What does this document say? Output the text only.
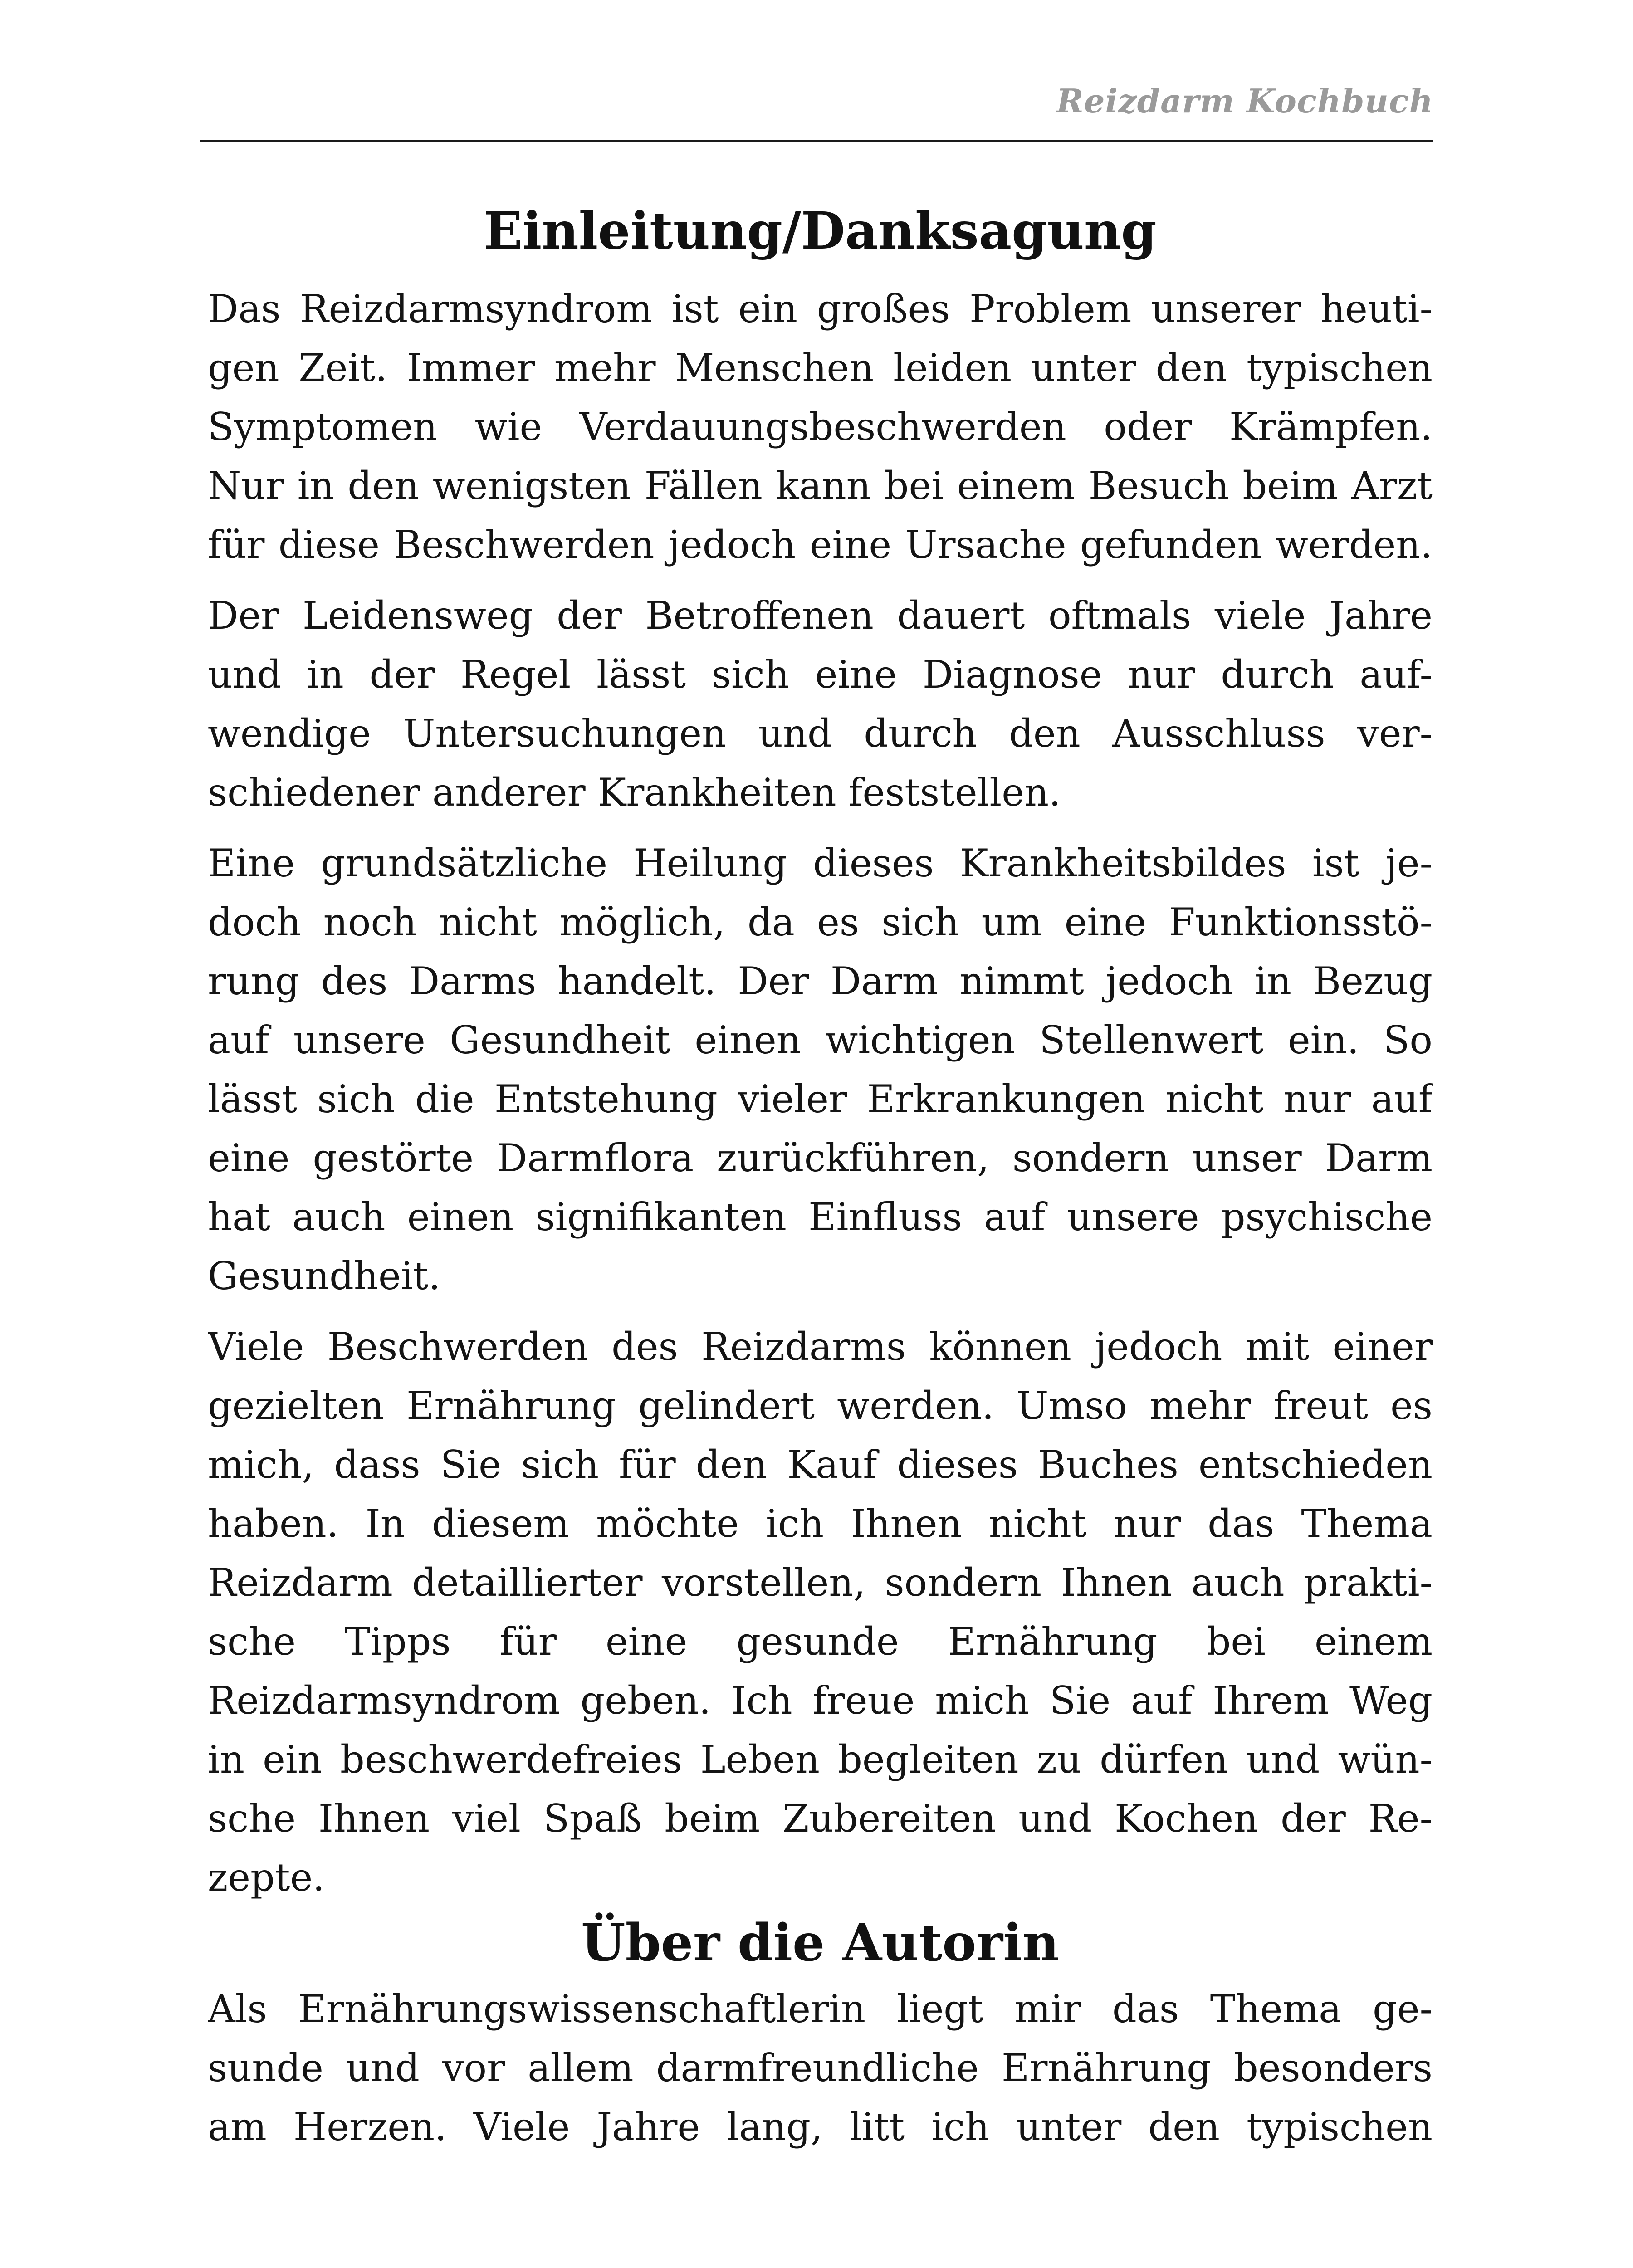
Reizdarm Kochbuch
Einleitung/Danksagung
Das Reizdarmsyndrom ist ein großes Problem unserer heuti-
gen Zeit. Immer mehr Menschen leiden unter den typischen
Symptomen wie Verdauungsbeschwerden oder Krämpfen.
Nur in den wenigsten Fällen kann bei einem Besuch beim Arzt
für diese Beschwerden jedoch eine Ursache gefunden werden.
Der Leidensweg der Betroffenen dauert oftmals viele Jahre
und in der Regel lässt sich eine Diagnose nur durch auf-
wendige Untersuchungen und durch den Ausschluss ver-
schiedener anderer Krankheiten feststellen.
Eine grundsätzliche Heilung dieses Krankheitsbildes ist je-
doch noch nicht möglich, da es sich um eine Funktionsstö-
rung des Darms handelt. Der Darm nimmt jedoch in Bezug
auf unsere Gesundheit einen wichtigen Stellenwert ein. So
lässt sich die Entstehung vieler Erkrankungen nicht nur auf
eine gestörte Darmflora zurückführen, sondern unser Darm
hat auch einen signifikanten Einfluss auf unsere psychische
Gesundheit.
Viele Beschwerden des Reizdarms können jedoch mit einer
gezielten Ernährung gelindert werden. Umso mehr freut es
mich, dass Sie sich für den Kauf dieses Buches entschieden
haben. In diesem möchte ich Ihnen nicht nur das Thema
Reizdarm detaillierter vorstellen, sondern Ihnen auch prakti-
sche Tipps für eine gesunde Ernährung bei einem
Reizdarmsyndrom geben. Ich freue mich Sie auf Ihrem Weg
in ein beschwerdefreies Leben begleiten zu dürfen und wün-
sche Ihnen viel Spaß beim Zubereiten und Kochen der Re-
zepte.
Über die Autorin
Als Ernährungswissenschaftlerin liegt mir das Thema ge-
sunde und vor allem darmfreundliche Ernährung besonders
am Herzen. Viele Jahre lang, litt ich unter den typischen
